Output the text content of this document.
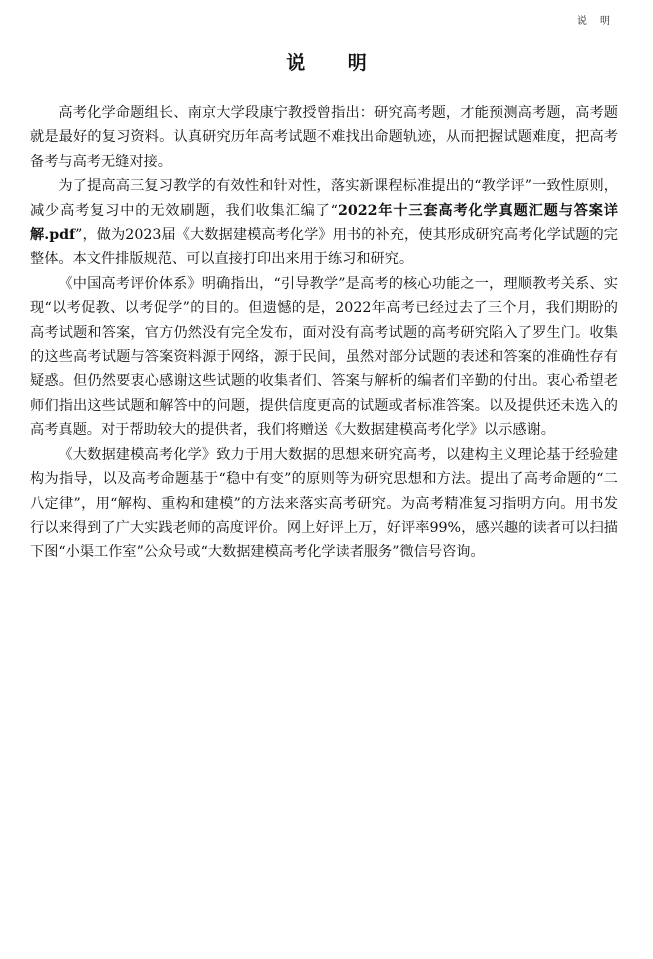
说 明
说 明

高考化学命题组长、南京大学段康宁教授曾指出：研究高考题，才能预测高考题，高考题就是最好的复习资料。认真研究历年高考试题不难找出命题轨迹，从而把握试题难度，把高考备考与高考无缝对接。

为了提高高三复习教学的有效性和针对性，落实新课程标准提出的“教学评”一致性原则，减少高考复习中的无效刷题，我们收集汇编了“2022年十三套高考化学真题汇题与答案详解.pdf”，做为2023届《大数据建模高考化学》用书的补充，使其形成研究高考化学试题的完整体。本文件排版规范、可以直接打印出来用于练习和研究。

《中国高考评价体系》明确指出，“引导教学”是高考的核心功能之一，理顺教考关系、实现“以考促教、以考促学”的目的。但遗憾的是，2022年高考已经过去了三个月，我们期盼的高考试题和答案，官方仍然没有完全发布，面对没有高考试题的高考研究陷入了罗生门。收集的这些高考试题与答案资料源于网络，源于民间，虽然对部分试题的表述和答案的准确性存有疑惑。但仍然要衷心感谢这些试题的收集者们、答案与解析的编者们辛勤的付出。衷心希望老师们指出这些试题和解答中的问题，提供信度更高的试题或者标准答案。以及提供还未选入的高考真题。对于帮助较大的提供者，我们将赠送《大数据建模高考化学》以示感谢。

《大数据建模高考化学》致力于用大数据的思想来研究高考，以建构主义理论基于经验建构为指导，以及高考命题基于“稳中有变”的原则等为研究思想和方法。提出了高考命题的“二八定律”，用“解构、重构和建模”的方法来落实高考研究。为高考精准复习指明方向。用书发行以来得到了广大实践老师的高度评价。网上好评上万，好评率99%，感兴趣的读者可以扫描下图“小渠工作室”公众号或“大数据建模高考化学读者服务”微信号咨询。
